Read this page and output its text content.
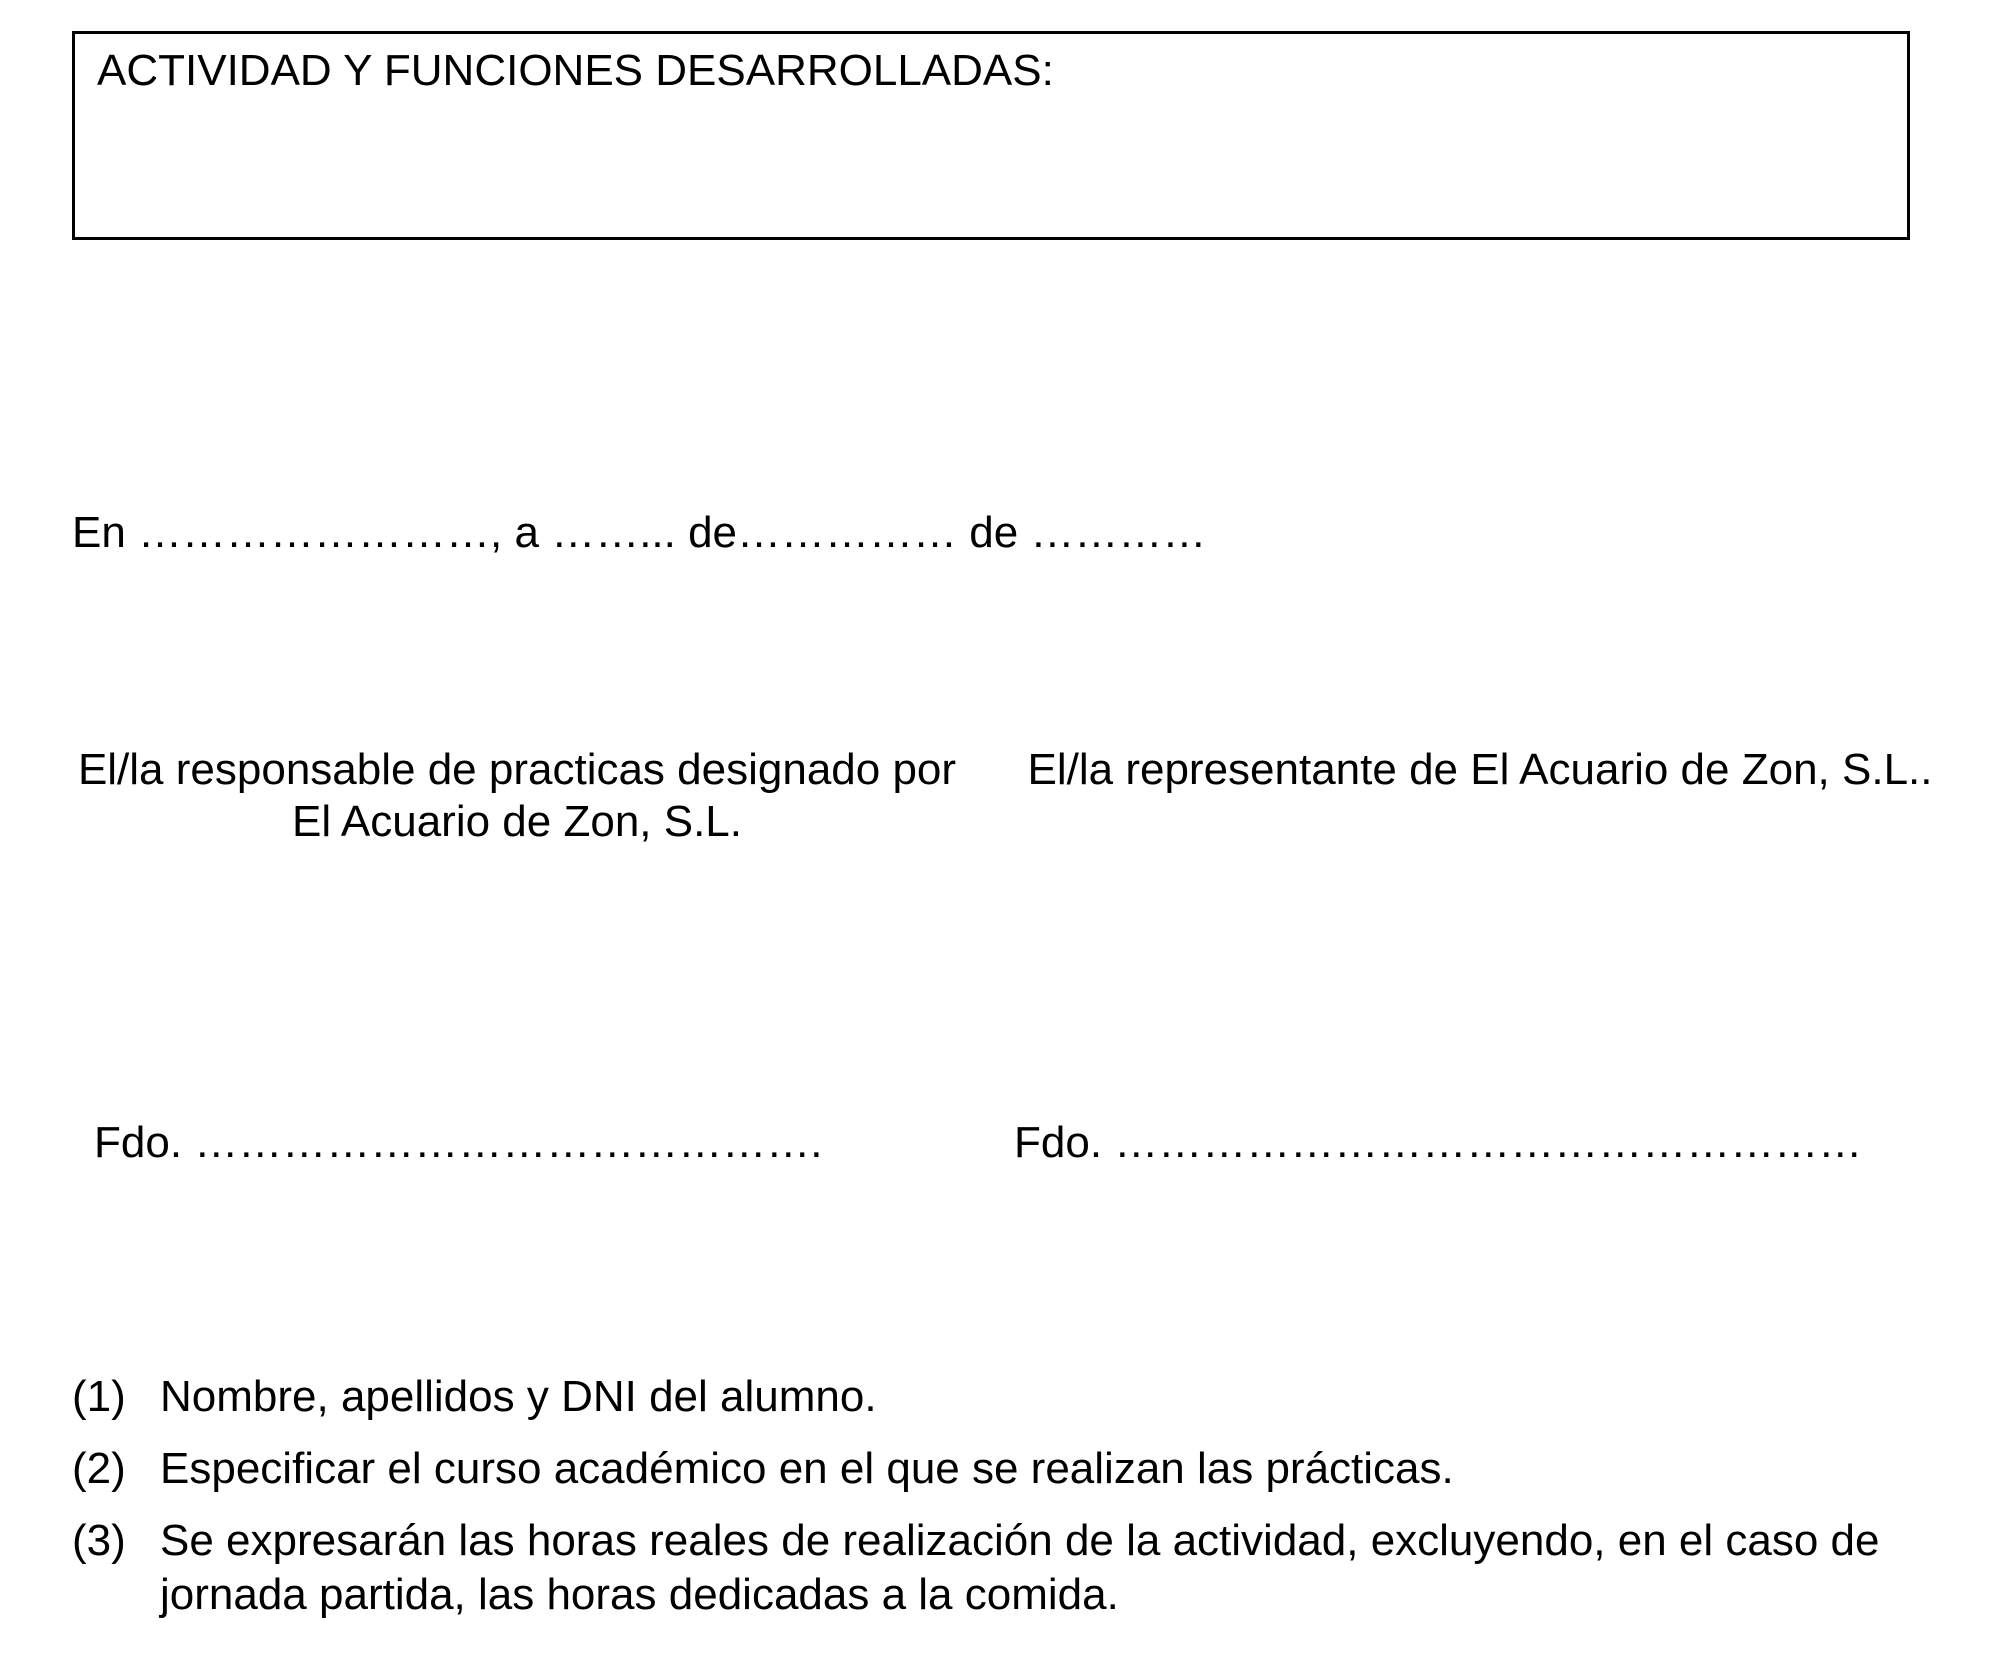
ACTIVIDAD Y FUNCIONES DESARROLLADAS:
En ……………………, a ……... de…………… de …………
El/la responsable de practicas designado por El Acuario de Zon, S.L.
El/la representante de El Acuario de Zon, S.L..
Fdo. …………………………………….	Fdo. ……………………………………………
(1) Nombre, apellidos y DNI del alumno.
(2) Especificar el curso académico en el que se realizan las prácticas.
(3) Se expresarán las horas reales de realización de la actividad, excluyendo, en el caso de jornada partida, las horas dedicadas a la comida.
